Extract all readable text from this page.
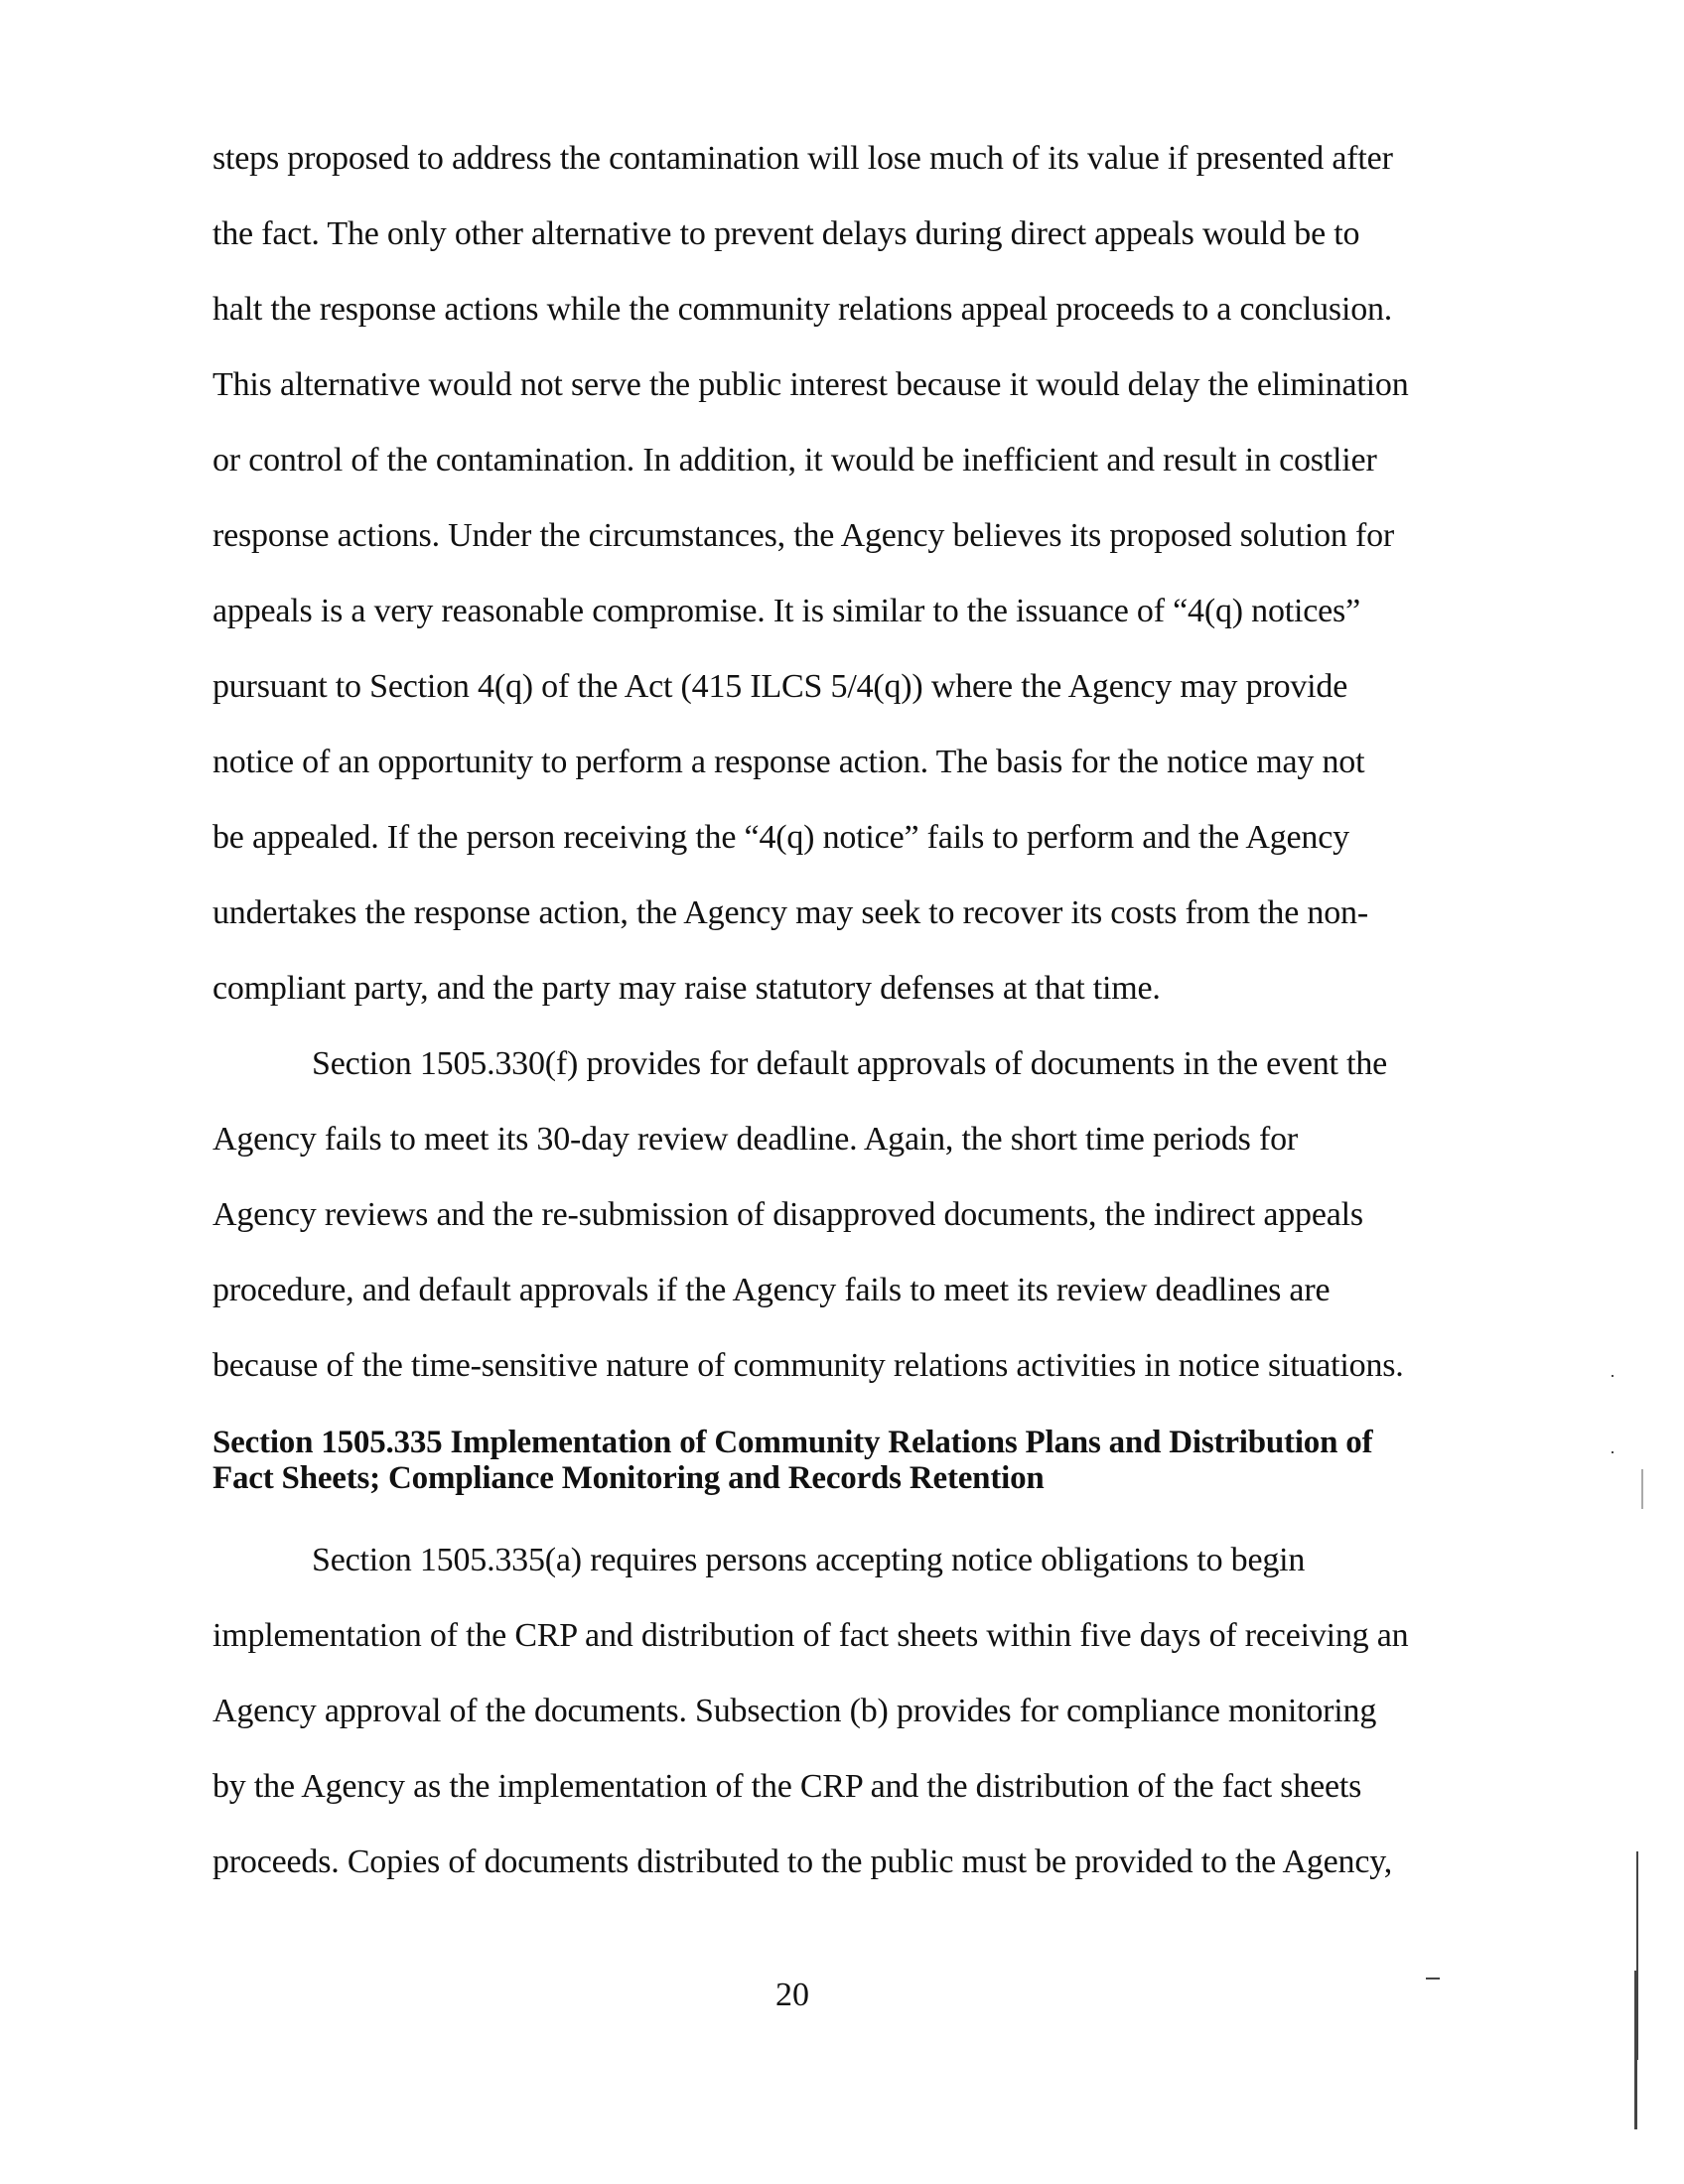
steps proposed to address the contamination will lose much of its value if presented after
the fact. The only other alternative to prevent delays during direct appeals would be to
halt the response actions while the community relations appeal proceeds to a conclusion.
This alternative would not serve the public interest because it would delay the elimination
or control of the contamination. In addition, it would be inefficient and result in costlier
response actions. Under the circumstances, the Agency believes its proposed solution for
appeals is a very reasonable compromise. It is similar to the issuance of “4(q) notices”
pursuant to Section 4(q) of the Act (415 ILCS 5/4(q)) where the Agency may provide
notice of an opportunity to perform a response action. The basis for the notice may not
be appealed. If the person receiving the “4(q) notice” fails to perform and the Agency
undertakes the response action, the Agency may seek to recover its costs from the non-
compliant party, and the party may raise statutory defenses at that time.
Section 1505.330(f) provides for default approvals of documents in the event the
Agency fails to meet its 30-day review deadline. Again, the short time periods for
Agency reviews and the re-submission of disapproved documents, the indirect appeals
procedure, and default approvals if the Agency fails to meet its review deadlines are
because of the time-sensitive nature of community relations activities in notice situations.
Section 1505.335 Implementation of Community Relations Plans and Distribution of
Fact Sheets; Compliance Monitoring and Records Retention
Section 1505.335(a) requires persons accepting notice obligations to begin
implementation of the CRP and distribution of fact sheets within five days of receiving an
Agency approval of the documents. Subsection (b) provides for compliance monitoring
by the Agency as the implementation of the CRP and the distribution of the fact sheets
proceeds. Copies of documents distributed to the public must be provided to the Agency,
20
